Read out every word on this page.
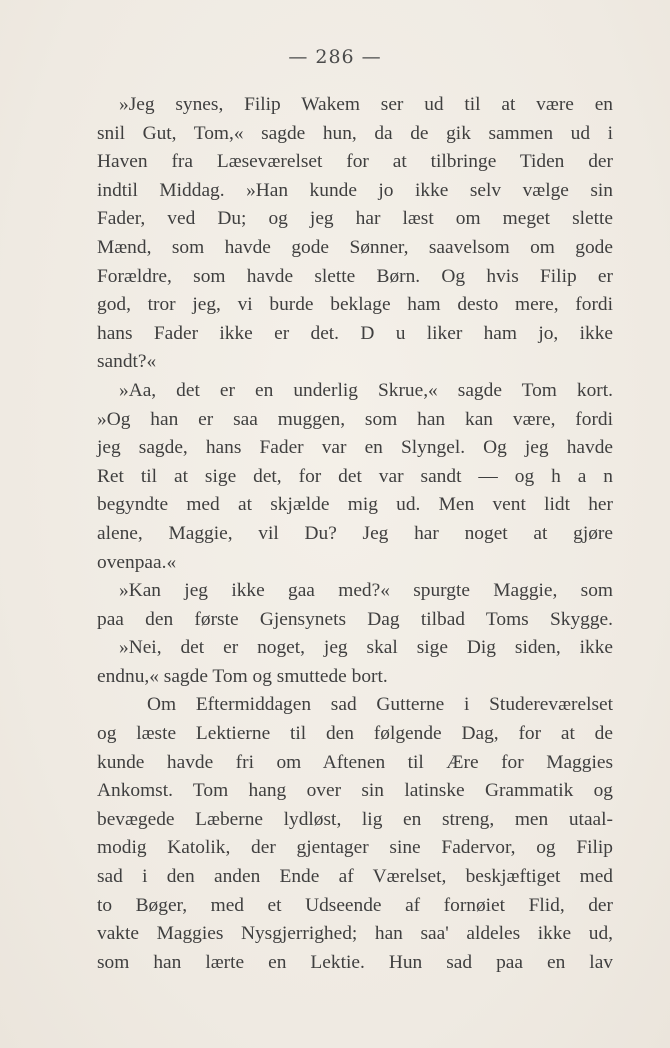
— 286 —
»Jeg synes, Filip Wakem ser ud til at være en
snil Gut, Tom,« sagde hun, da de gik sammen ud i
Haven fra Læseværelset for at tilbringe Tiden der
indtil Middag. »Han kunde jo ikke selv vælge sin
Fader, ved Du; og jeg har læst om meget slette
Mænd, som havde gode Sønner, saavelsom om gode
Forældre, som havde slette Børn. Og hvis Filip er
god, tror jeg, vi burde beklage ham desto mere, fordi
hans Fader ikke er det. D u liker ham jo, ikke
sandt?«
»Aa, det er en underlig Skrue,« sagde Tom kort.
»Og han er saa muggen, som han kan være, fordi
jeg sagde, hans Fader var en Slyngel. Og jeg havde
Ret til at sige det, for det var sandt — og h a n
begyndte med at skjælde mig ud. Men vent lidt her
alene, Maggie, vil Du? Jeg har noget at gjøre
ovenpaa.«
»Kan jeg ikke gaa med?« spurgte Maggie, som
paa den første Gjensynets Dag tilbad Toms Skygge.
»Nei, det er noget, jeg skal sige Dig siden, ikke
endnu,« sagde Tom og smuttede bort.
Om Eftermiddagen sad Gutterne i Studereværelset
og læste Lektierne til den følgende Dag, for at de
kunde havde fri om Aftenen til Ære for Maggies
Ankomst. Tom hang over sin latinske Grammatik og
bevægede Læberne lydløst, lig en streng, men utaal-
modig Katolik, der gjentager sine Fadervor, og Filip
sad i den anden Ende af Værelset, beskjæftiget med
to Bøger, med et Udseende af fornøiet Flid, der
vakte Maggies Nysgjerrighed; han saa' aldeles ikke ud,
som han lærte en Lektie. Hun sad paa en lav
